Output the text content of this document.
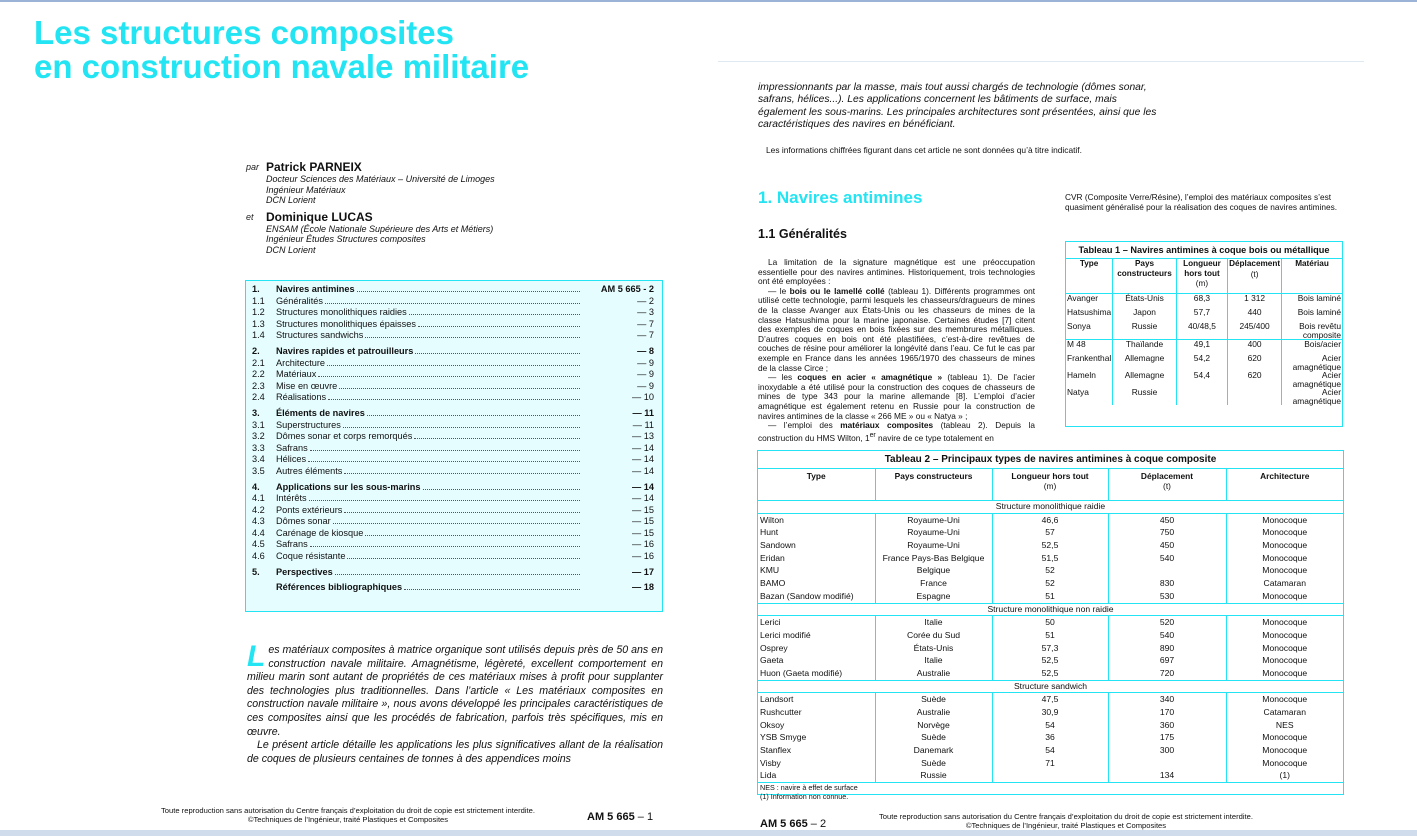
Les structures composites
en construction navale militaire
par Patrick PARNEIX
Docteur Sciences des Matériaux – Université de Limoges
Ingénieur Matériaux
DCN Lorient
et Dominique LUCAS
ENSAM (École Nationale Supérieure des Arts et Métiers)
Ingénieur Études Structures composites
DCN Lorient
1.	Navires antimines	AM 5 665 - 2
1.1	Généralités	— 2
1.2	Structures monolithiques raidies	— 3
1.3	Structures monolithiques épaisses	— 7
1.4	Structures sandwichs	— 7
2.	Navires rapides et patrouilleurs	— 8
2.1	Architecture	— 9
2.2	Matériaux	— 9
2.3	Mise en œuvre	— 9
2.4	Réalisations	— 10
3.	Éléments de navires	— 11
3.1	Superstructures	— 11
3.2	Dômes sonar et corps remorqués	— 13
3.3	Safrans	— 14
3.4	Hélices	— 14
3.5	Autres éléments	— 14
4.	Applications sur les sous-marins	— 14
4.1	Intérêts	— 14
4.2	Ponts extérieurs	— 15
4.3	Dômes sonar	— 15
4.4	Carénage de kiosque	— 15
4.5	Safrans	— 16
4.6	Coque résistante	— 16
5.	Perspectives	— 17
Références bibliographiques	— 18

Les matériaux composites à matrice organique sont utilisés depuis près de 50 ans en construction navale militaire. Amagnétisme, légèreté, excellent comportement en milieu marin sont autant de propriétés de ces matériaux mises à profit pour supplanter des technologies plus traditionnelles. Dans l’article « Les matériaux composites en construction navale militaire », nous avons développé les principales caractéristiques de ces composites ainsi que les procédés de fabrication, parfois très spécifiques, mis en œuvre.

Le présent article détaille les applications les plus significatives allant de la réalisation de coques de plusieurs centaines de tonnes à des appendices moins

Toute reproduction sans autorisation du Centre français d’exploitation du droit de copie est strictement interdite.
©Techniques de l’Ingénieur, traité Plastiques et Composites	AM 5 665 – 1
impressionnants par la masse, mais tout aussi chargés de technologie (dômes sonar, safrans, hélices...). Les applications concernent les bâtiments de surface, mais également les sous-marins. Les principales architectures sont présentées, ainsi que les caractéristiques des navires en bénéficiant.
Les informations chiffrées figurant dans cet article ne sont données qu’à titre indicatif.
1. Navires antimines
1.1 Généralités

La limitation de la signature magnétique est une préoccupation essentielle pour des navires antimines. Historiquement, trois technologies ont été employées :

— le bois ou le lamellé collé (tableau 1). Différents programmes ont utilisé cette technologie, parmi lesquels les chasseurs/dragueurs de mines de la classe Avanger aux États-Unis ou les chasseurs de mines de la classe Hatsushima pour la marine japonaise. Certaines études [7] citent des exemples de coques en bois fixées sur des membrures métalliques. D’autres coques en bois ont été plastifiées, c’est-à-dire revêtues de couches de résine pour améliorer la longévité dans l’eau. Ce fut le cas par exemple en France dans les années 1965/1970 des chasseurs de mines de la classe Circe ;

— les coques en acier « amagnétique » (tableau 1). De l’acier inoxydable a été utilisé pour la construction des coques de chasseurs de mines de type 343 pour la marine allemande [8]. L’emploi d’acier amagnétique est également retenu en Russie pour la construction de navires antimines de la classe « 266 ME » ou « Natya » ;

— l’emploi des matériaux composites (tableau 2). Depuis la construction du HMS Wilton, 1er navire de ce type totalement en

CVR (Composite Verre/Résine), l’emploi des matériaux composites s’est quasiment généralisé pour la réalisation des coques de navires antimines.
Tableau 1 – Navires antimines à coque bois ou métallique
Type	Pays constructeurs	Longueur hors tout
(m)	Déplacement
(t)	Matériau

Avanger	États-Unis	68,3	1 312	Bois laminé
Hatsushima	Japon	57,7	440	Bois laminé
Sonya	Russie	40/48,5	245/400	Bois revêtu composite
M 48	Thaïlande	49,1	400	Bois/acier
Frankenthal	Allemagne	54,2	620	Acier amagnétique
Hameln	Allemagne	54,4	620	Acier amagnétique
Natya	Russie			Acier amagnétique
Tableau 2 – Principaux types de navires antimines à coque composite
Type	Pays constructeurs	Longueur hors tout
(m)	Déplacement
(t)	Architecture

Structure monolithique raidie				
Wilton	Royaume-Uni	46,6	450	Monocoque
Hunt	Royaume-Uni	57	750	Monocoque
Sandown	Royaume-Uni	52,5	450	Monocoque
Eridan	France Pays-Bas Belgique	51,5	540	Monocoque
KMU	Belgique	52		Monocoque
BAMO	France	52	830	Catamaran
Bazan (Sandow modifié)	Espagne	51	530	Monocoque
Structure monolithique non raidie				
Lerici	Italie	50	520	Monocoque
Lerici modifié	Corée du Sud	51	540	Monocoque
Osprey	États-Unis	57,3	890	Monocoque
Gaeta	Italie	52,5	697	Monocoque
Huon (Gaeta modifié)	Australie	52,5	720	Monocoque
Structure sandwich				
Landsort	Suède	47,5	340	Monocoque
Rushcutter	Australie	30,9	170	Catamaran
Oksoy	Norvège	54	360	NES
YSB Smyge	Suède	36	175	Monocoque
Stanflex	Danemark	54	300	Monocoque
Visby	Suède	71		Monocoque
Lida	Russie		134	(1)

NES : navire à effet de surface
(1) Information non connue.				
Toute reproduction sans autorisation du Centre français d’exploitation du droit de copie est strictement interdite.
©Techniques de l’Ingénieur, traité Plastiques et Composites
AM 5 665 – 2
